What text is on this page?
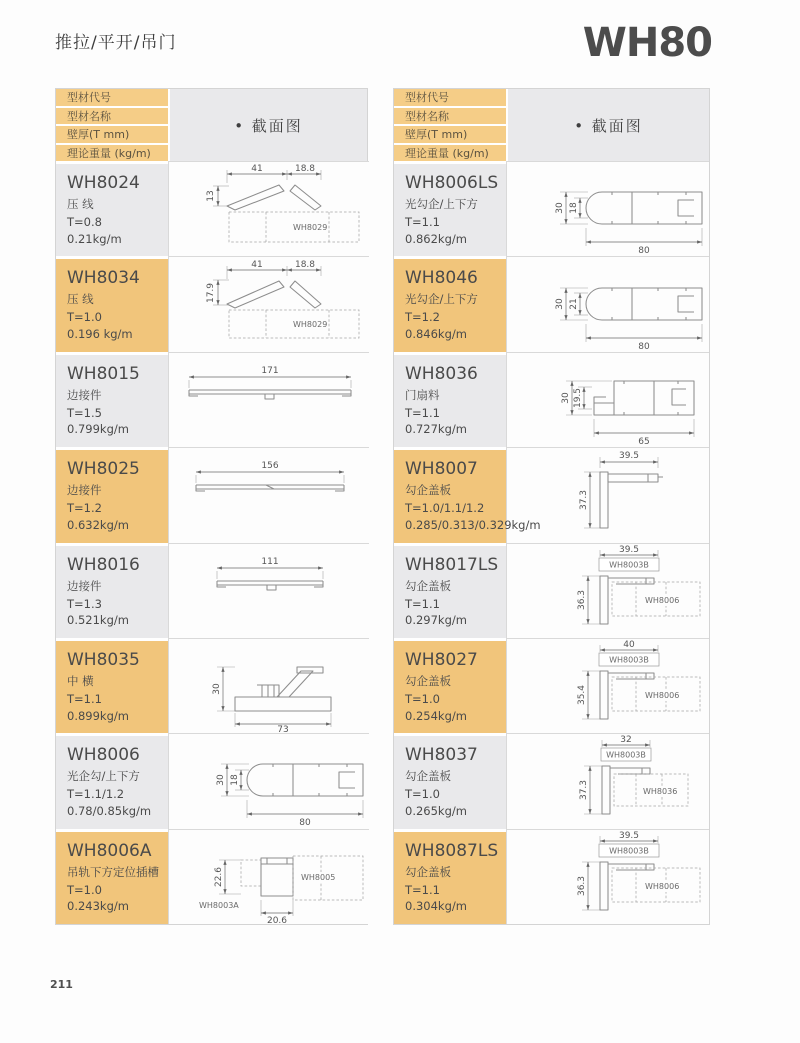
推拉/平开/吊门	WH80
型材代号
型材名称
壁厚(T mm)
理论重量 (kg/m)
• 截面图
WH8024
压 线
T=0.8
0.21kg/m
41	18.8
13
WH8029
WH8034
压 线
T=1.0
0.196 kg/m
41	18.8
17.9
WH8029
WH8015
边接件
T=1.5
0.799kg/m
171
WH8025
边接件
T=1.2
0.632kg/m
156
WH8016
边接件
T=1.3
0.521kg/m
111
WH8035
中 横
T=1.1
0.899kg/m
30
73
WH8006
光企勾/上下方
T=1.1/1.2
0.78/0.85kg/m
30 18
80
WH8006A
吊轨下方定位插槽
T=1.0
0.243kg/m
22.6
WH8003A
WH8005
20.6
型材代号
型材名称
壁厚(T mm)
理论重量 (kg/m)
• 截面图
WH8006LS
光勾企/上下方
T=1.1
0.862kg/m
30 18
80
WH8046
光勾企/上下方
T=1.2
0.846kg/m
30 21
80
WH8036
门扇料
T=1.1
0.727kg/m
30 19.5
65
WH8007
勾企盖板
T=1.0/1.1/1.2
0.285/0.313/0.329kg/m
39.5
37.3
WH8017LS
勾企盖板
T=1.1
0.297kg/m
39.5
WH8003B
36.3	WH8006
WH8027
勾企盖板
T=1.0
0.254kg/m
40
WH8003B
35.4	WH8006
WH8037
勾企盖板
T=1.0
0.265kg/m
32
WH8003B
37.3	WH8036
WH8087LS
勾企盖板
T=1.1
0.304kg/m
39.5
WH8003B
36.3	WH8006
211
